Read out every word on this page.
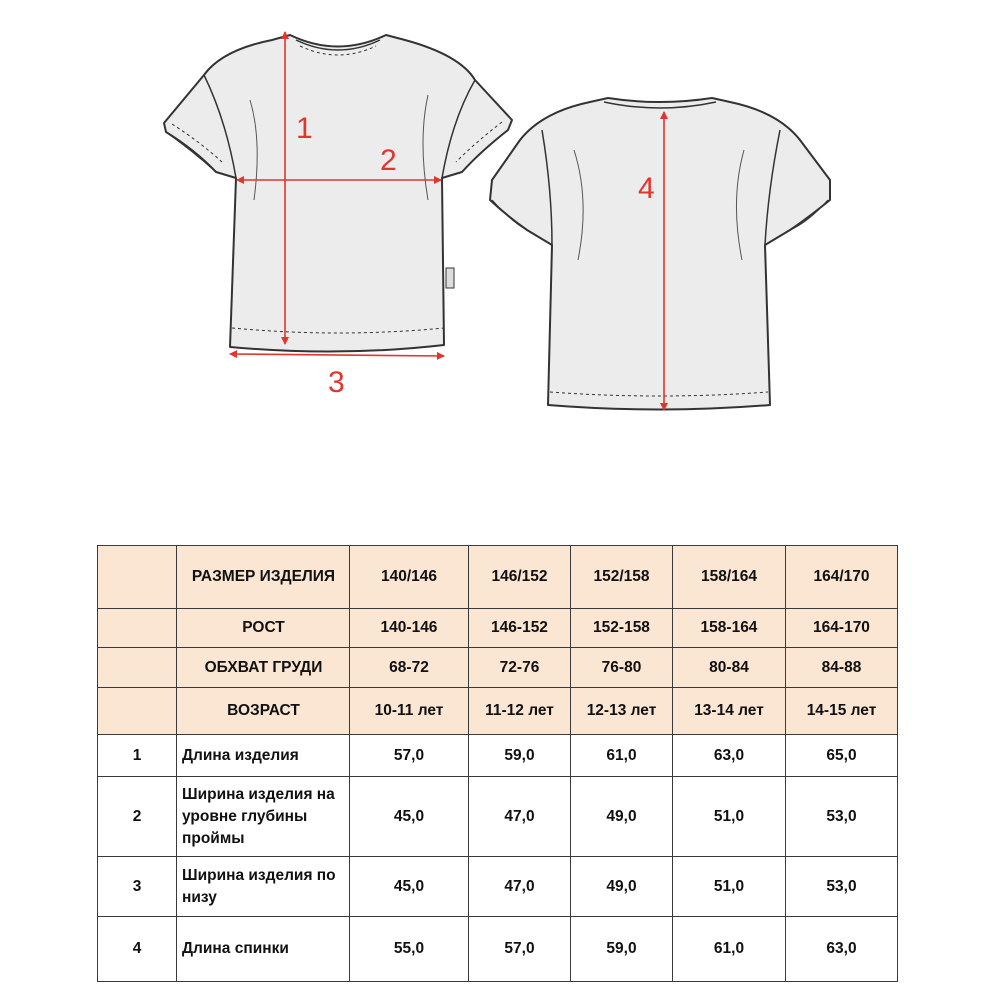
1
2
3
4
	РАЗМЕР ИЗДЕЛИЯ	140/146	146/152	152/158	158/164	164/170
	РОСТ	140-146	146-152	152-158	158-164	164-170
	ОБХВАТ ГРУДИ	68-72	72-76	76-80	80-84	84-88
	ВОЗРАСТ	10-11 лет	11-12 лет	12-13 лет	13-14 лет	14-15 лет
1	Длина изделия	57,0	59,0	61,0	63,0	65,0
2	Ширина изделия на уровне глубины проймы	45,0	47,0	49,0	51,0	53,0
3	Ширина изделия по низу	45,0	47,0	49,0	51,0	53,0
4	Длина спинки	55,0	57,0	59,0	61,0	63,0
